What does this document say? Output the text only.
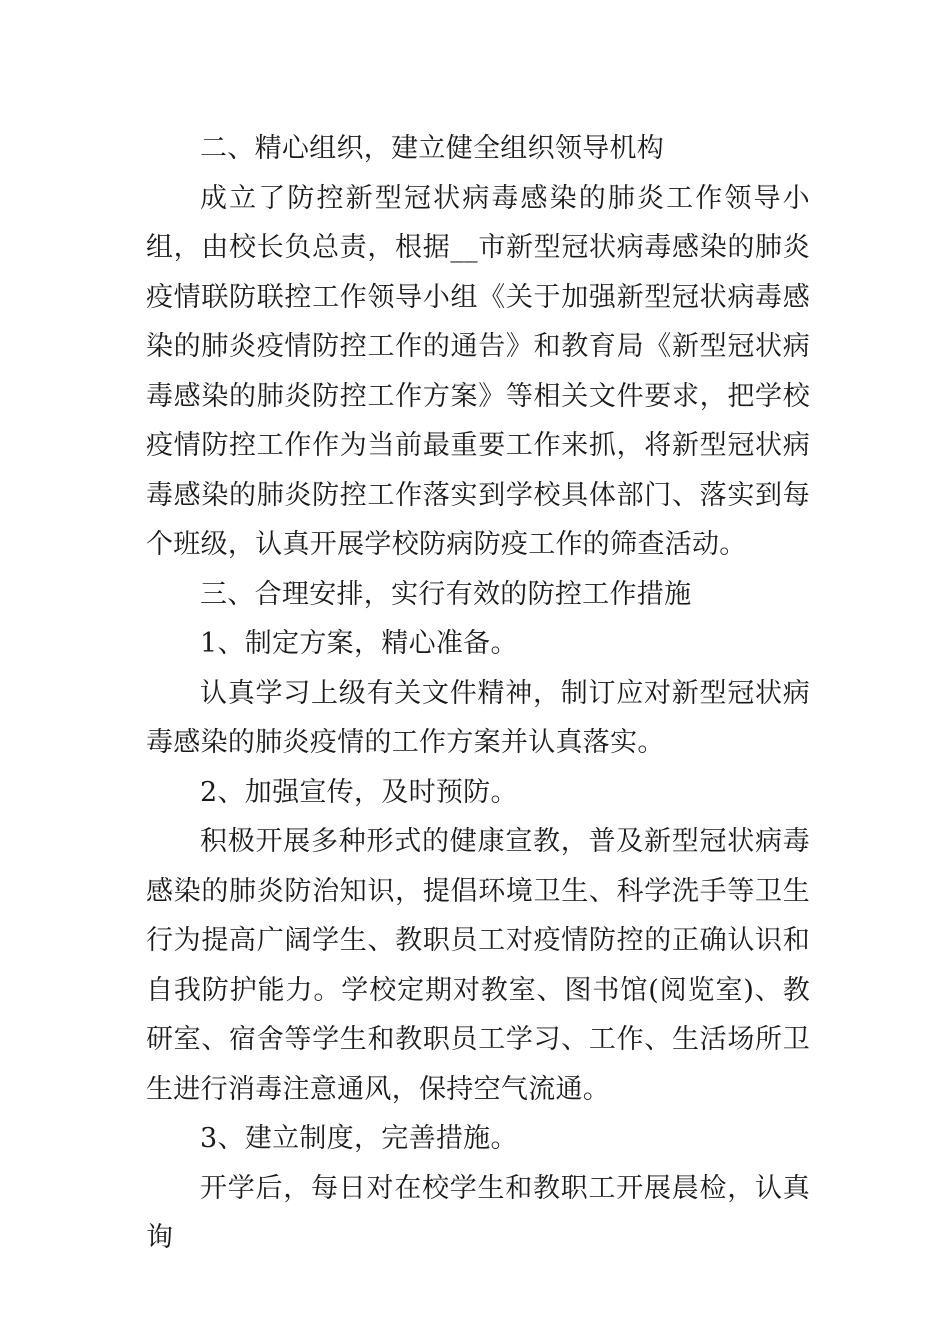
二、精心组织，建立健全组织领导机构

成立了防控新型冠状病毒感染的肺炎工作领导小组，由校长负总责，根据__市新型冠状病毒感染的肺炎疫情联防联控工作领导小组《关于加强新型冠状病毒感染的肺炎疫情防控工作的通告》和教育局《新型冠状病毒感染的肺炎防控工作方案》等相关文件要求，把学校疫情防控工作作为当前最重要工作来抓，将新型冠状病毒感染的肺炎防控工作落实到学校具体部门、落实到每个班级，认真开展学校防病防疫工作的筛查活动。

三、合理安排，实行有效的防控工作措施

1、制定方案，精心准备。

认真学习上级有关文件精神，制订应对新型冠状病毒感染的肺炎疫情的工作方案并认真落实。

2、加强宣传，及时预防。

积极开展多种形式的健康宣教，普及新型冠状病毒感染的肺炎防治知识，提倡环境卫生、科学洗手等卫生行为提高广阔学生、教职员工对疫情防控的正确认识和自我防护能力。学校定期对教室、图书馆(阅览室)、教研室、宿舍等学生和教职员工学习、工作、生活场所卫生进行消毒注意通风，保持空气流通。

3、建立制度，完善措施。

开学后，每日对在校学生和教职工开展晨检，认真询
